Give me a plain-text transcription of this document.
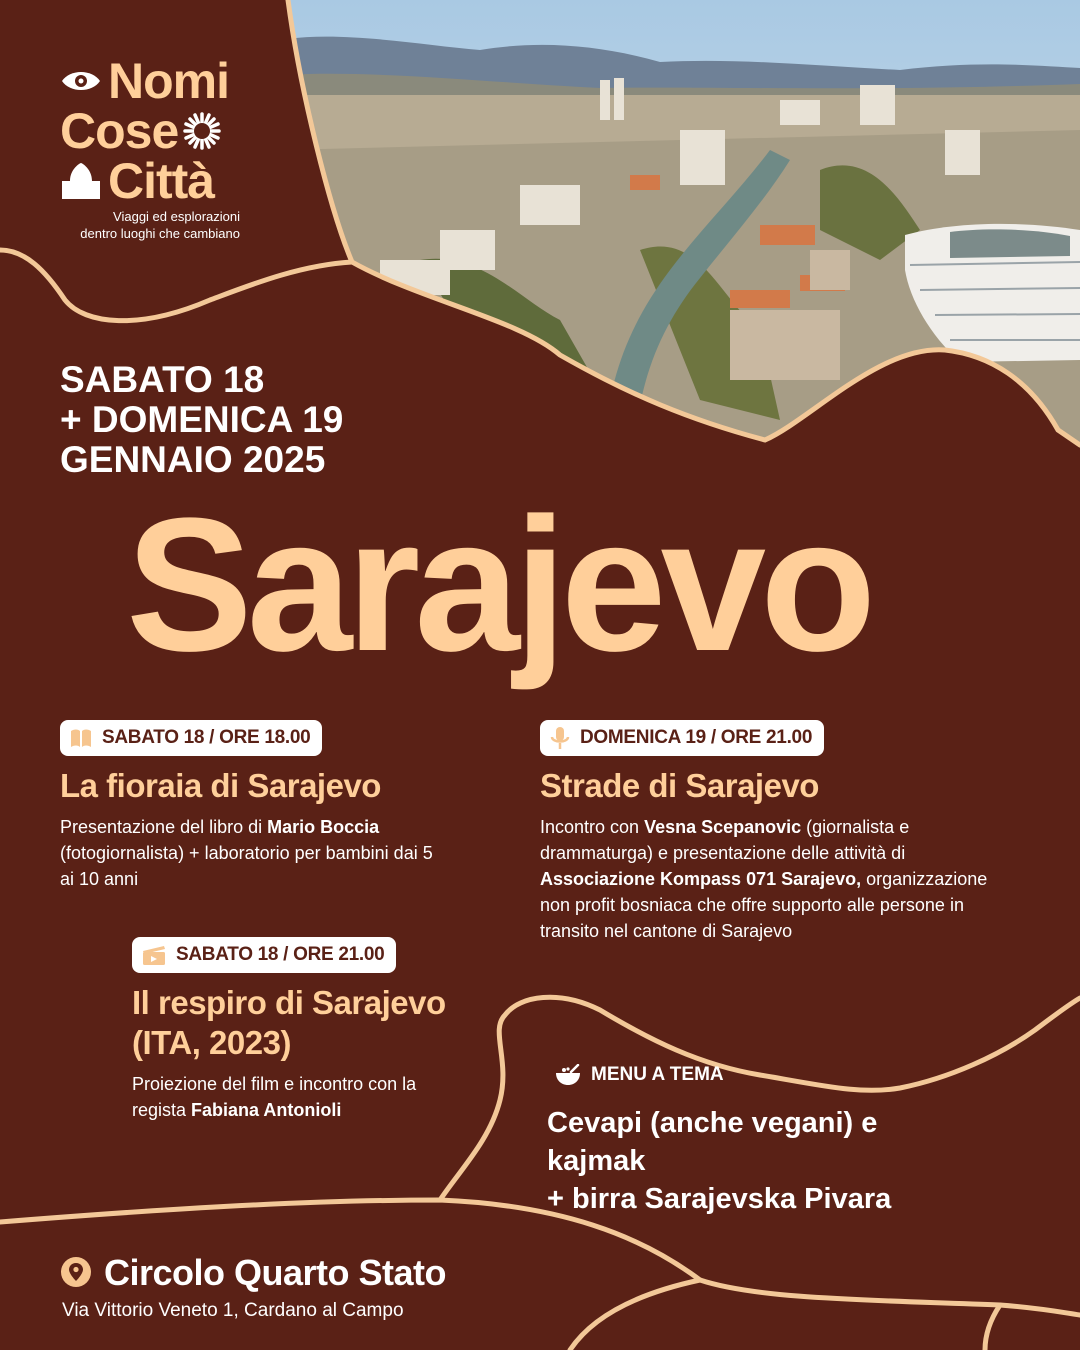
Nomi
Cose
Città
Viaggi ed esplorazioni
dentro luoghi che cambiano
SABATO 18
+ DOMENICA 19
GENNAIO 2025
Sarajevo
SABATO 18 / ORE 18.00
La fioraia di Sarajevo
Presentazione del libro di Mario Boccia (fotogiornalista) + laboratorio per bambini dai 5 ai 10 anni
DOMENICA 19 / ORE 21.00
Strade di Sarajevo
Incontro con Vesna Scepanovic (giornalista e drammaturga) e presentazione delle attività di Associazione Kompass 071 Sarajevo, organizzazione non profit bosniaca che offre supporto alle persone in transito nel cantone di Sarajevo
SABATO 18 / ORE 21.00
Il respiro di Sarajevo
(ITA, 2023)
Proiezione del film e incontro con la regista Fabiana Antonioli
MENU A TEMA
Cevapi (anche vegani) e
kajmak
+ birra Sarajevska Pivara
Circolo Quarto Stato
Via Vittorio Veneto 1, Cardano al Campo
